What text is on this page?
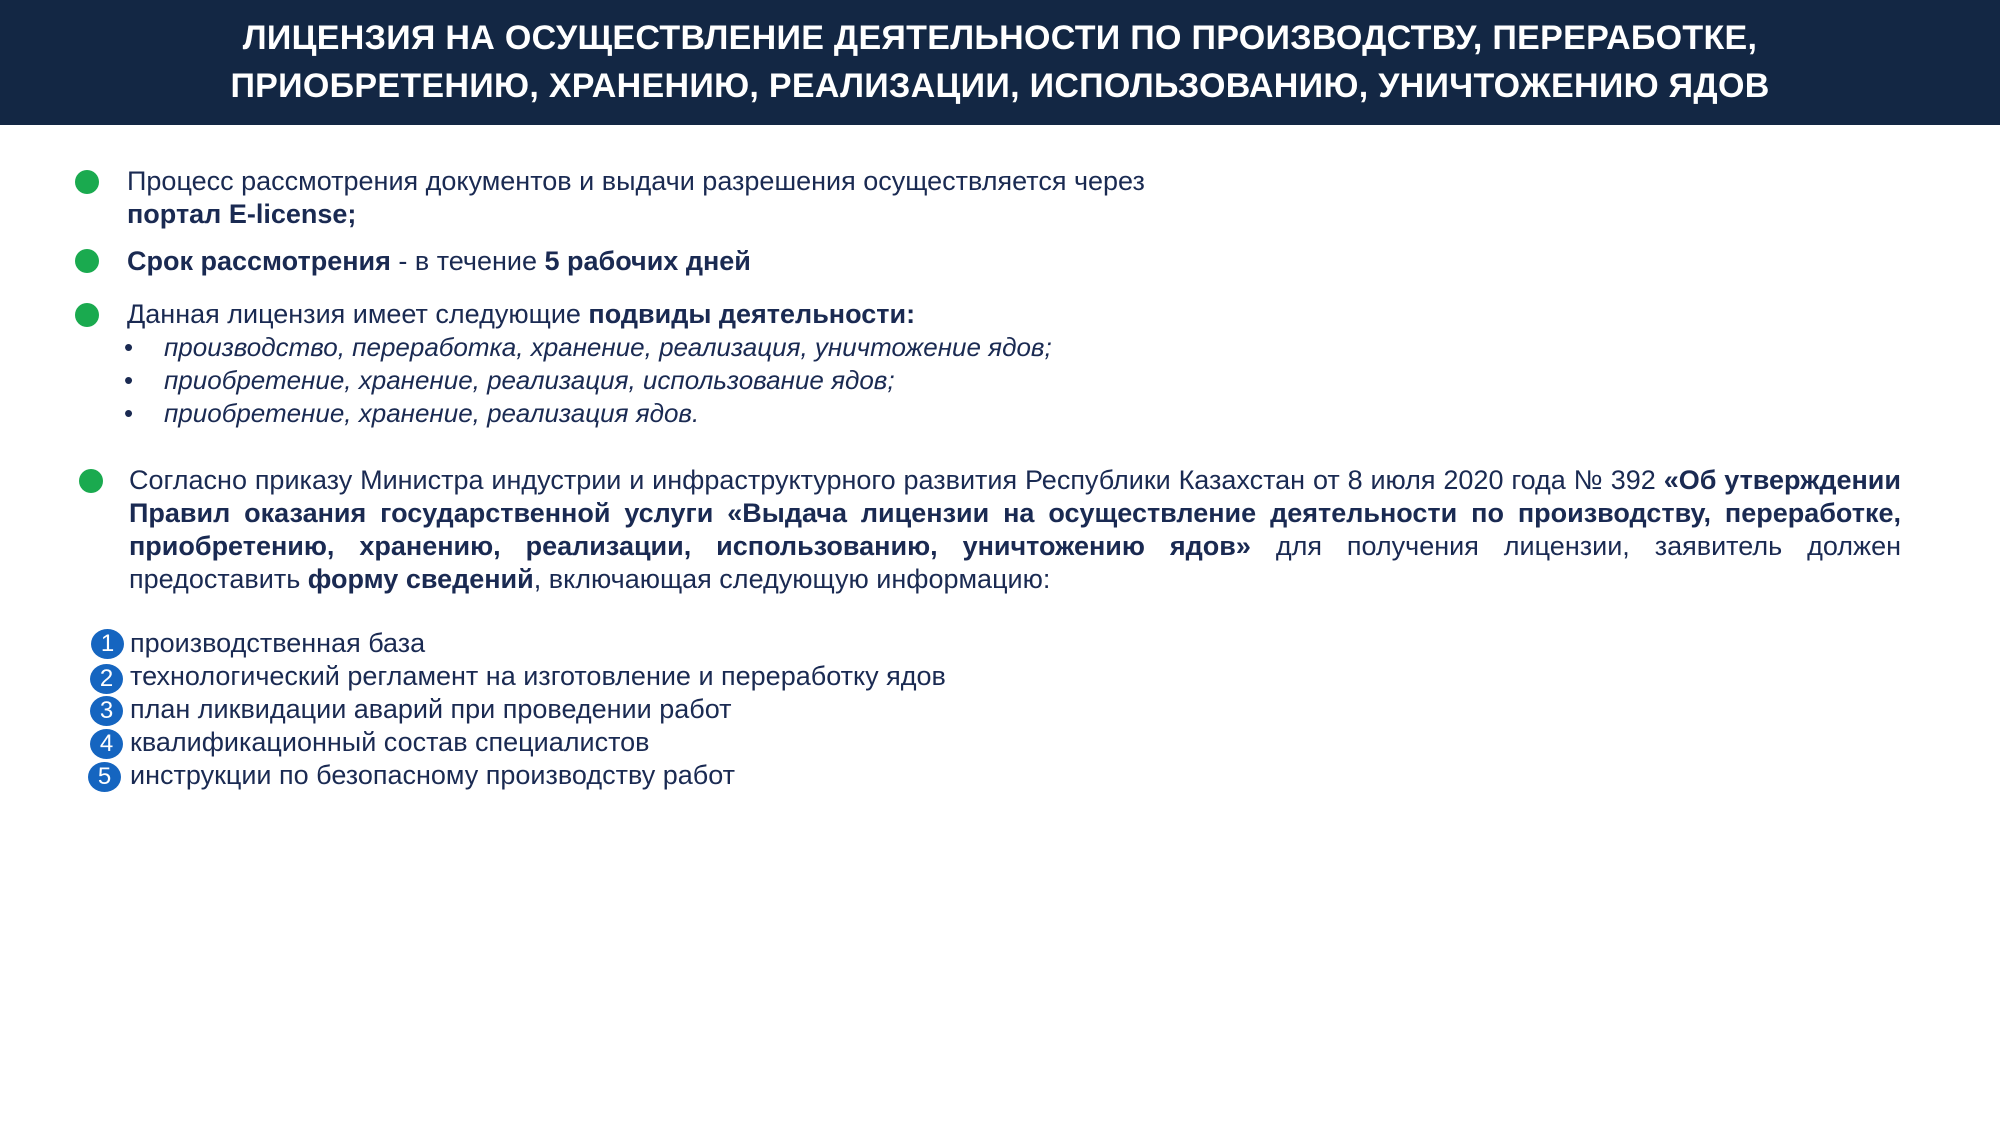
ЛИЦЕНЗИЯ НА ОСУЩЕСТВЛЕНИЕ ДЕЯТЕЛЬНОСТИ ПО ПРОИЗВОДСТВУ, ПЕРЕРАБОТКЕ,
ПРИОБРЕТЕНИЮ, ХРАНЕНИЮ, РЕАЛИЗАЦИИ, ИСПОЛЬЗОВАНИЮ, УНИЧТОЖЕНИЮ ЯДОВ
Процесс рассмотрения документов и выдачи разрешения осуществляется через
портал E-license;
Срок рассмотрения - в течение 5 рабочих дней
Данная лицензия имеет следующие подвиды деятельности:
• производство, переработка, хранение, реализация, уничтожение ядов;
• приобретение, хранение, реализация, использование ядов;
• приобретение, хранение, реализация ядов.
Согласно приказу Министра индустрии и инфраструктурного развития Республики Казахстан от 8 июля 2020 года № 392 «Об утверждении Правил оказания государственной услуги «Выдача лицензии на осуществление деятельности по производству, переработке, приобретению, хранению, реализации, использованию, уничтожению ядов» для получения лицензии, заявитель должен предоставить форму сведений, включающая следующую информацию:
1 производственная база
2 технологический регламент на изготовление и переработку ядов
3 план ликвидации аварий при проведении работ
4 квалификационный состав специалистов
5 инструкции по безопасному производству работ
